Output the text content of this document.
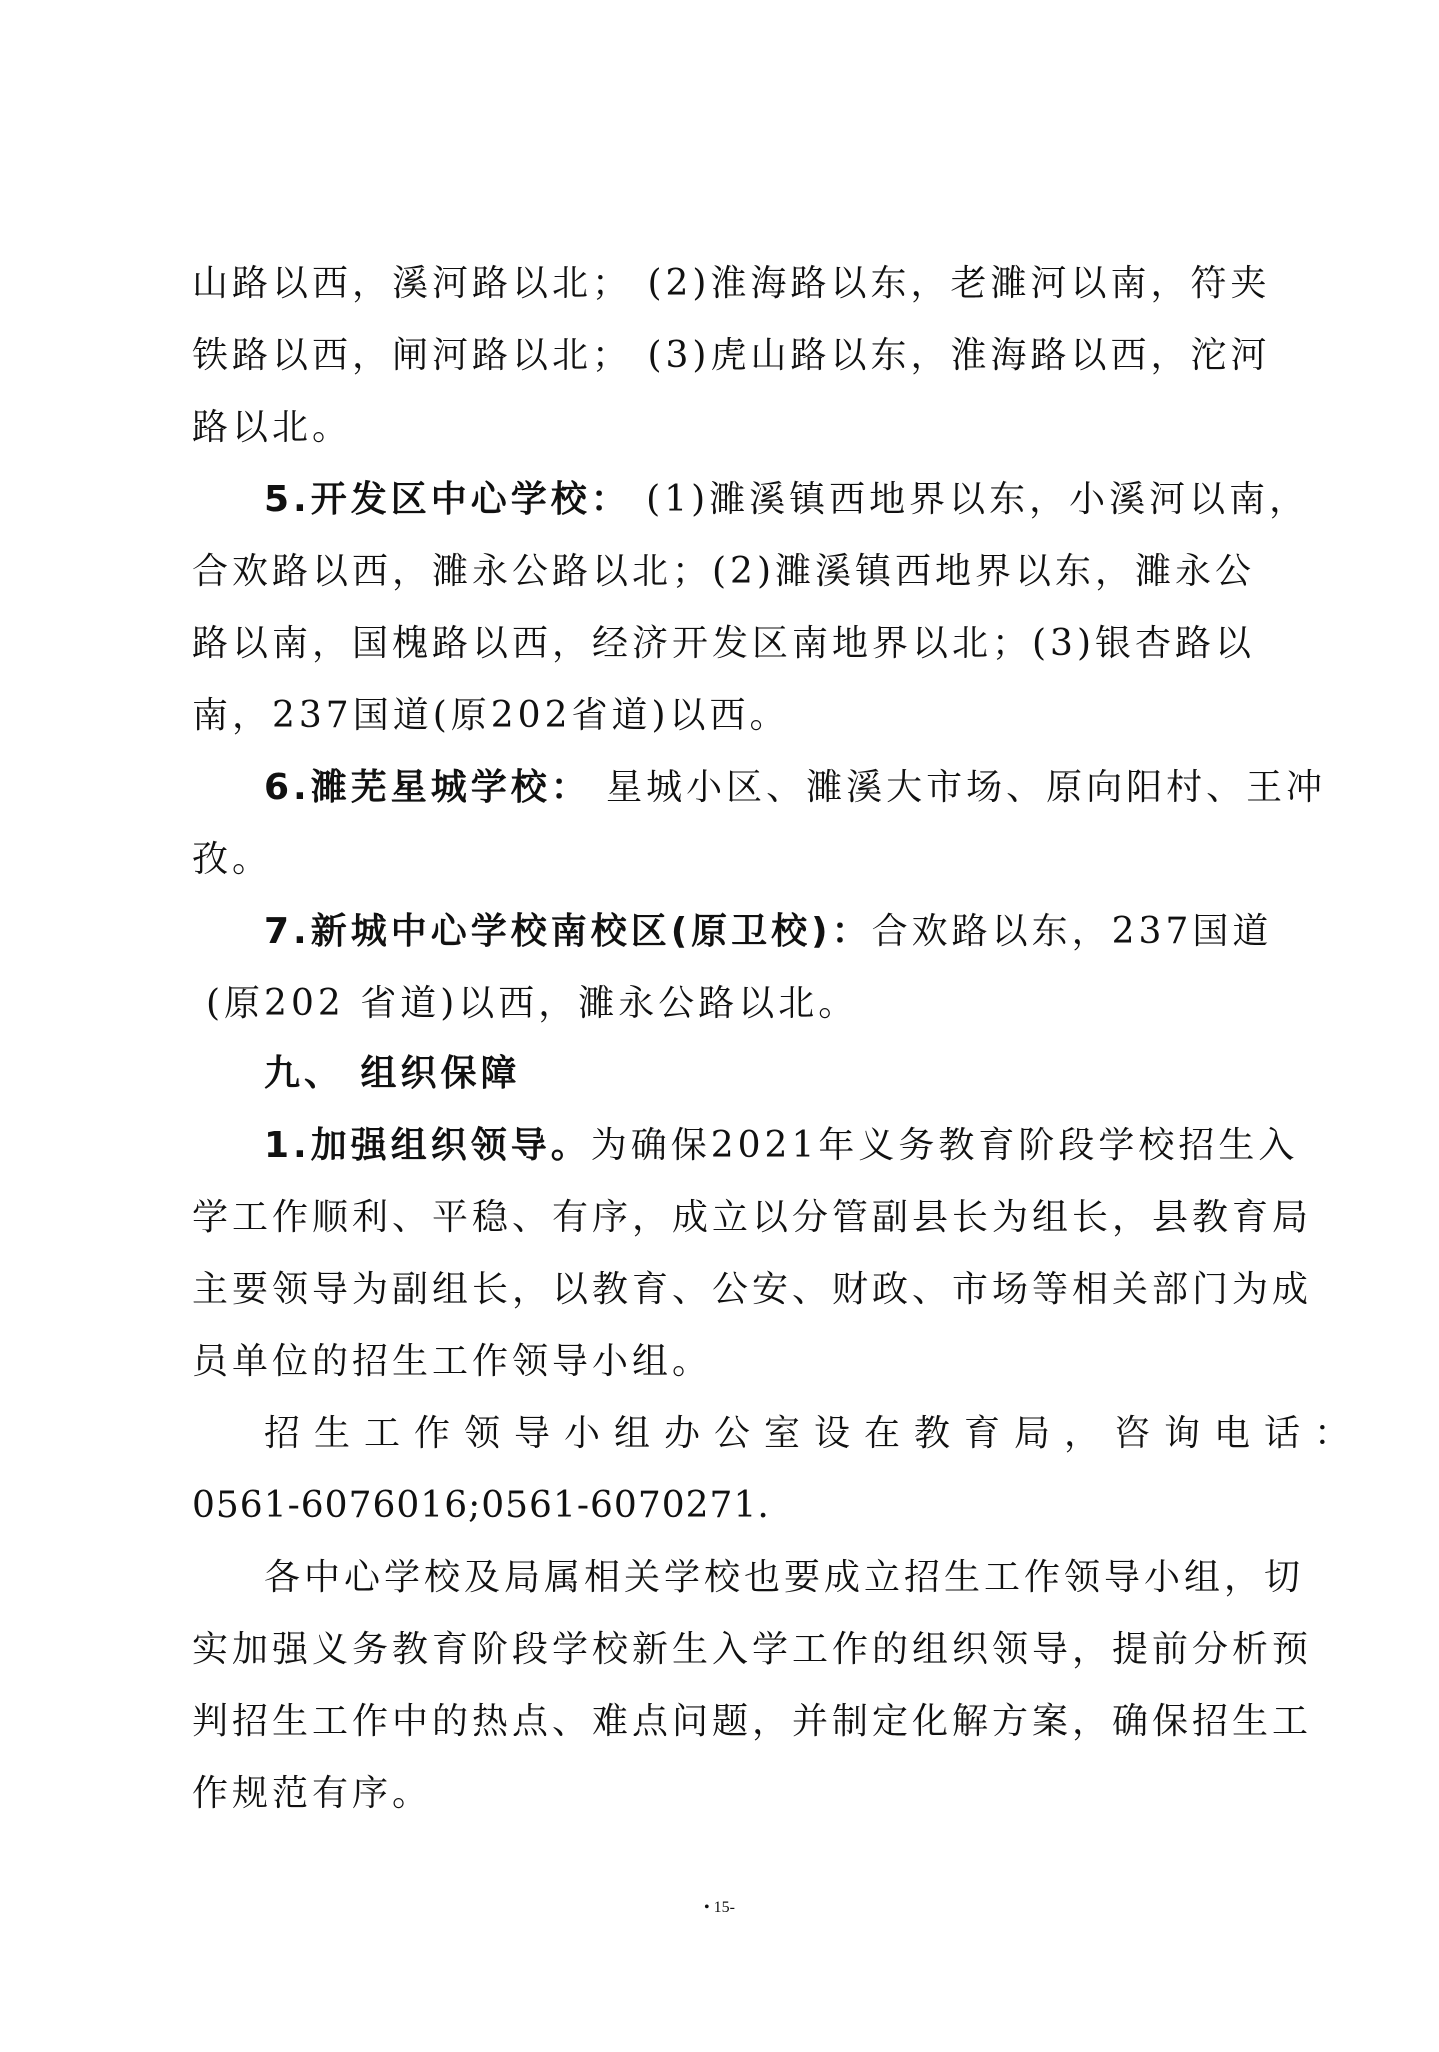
山路以西，溪河路以北； (2)淮海路以东，老濉河以南，符夹
铁路以西，闸河路以北； (3)虎山路以东，淮海路以西，沱河
路以北。
5.开发区中心学校： (1)濉溪镇西地界以东，小溪河以南，
合欢路以西，濉永公路以北；(2)濉溪镇西地界以东，濉永公
路以南，国槐路以西，经济开发区南地界以北；(3)银杏路以
南，237国道(原202省道)以西。
6.濉芜星城学校： 星城小区、濉溪大市场、原向阳村、王冲
孜。
7.新城中心学校南校区(原卫校)：合欢路以东，237国道
(原202 省道)以西，濉永公路以北。
九、 组织保障
1.加强组织领导。为确保2021年义务教育阶段学校招生入
学工作顺利、平稳、有序，成立以分管副县长为组长，县教育局
主要领导为副组长，以教育、公安、财政、市场等相关部门为成
员单位的招生工作领导小组。
招生工作领导小组办公室设在教育局，咨询电话：
0561-6076016;0561-6070271.
各中心学校及局属相关学校也要成立招生工作领导小组，切
实加强义务教育阶段学校新生入学工作的组织领导，提前分析预
判招生工作中的热点、难点问题，并制定化解方案，确保招生工
作规范有序。
• 15-
